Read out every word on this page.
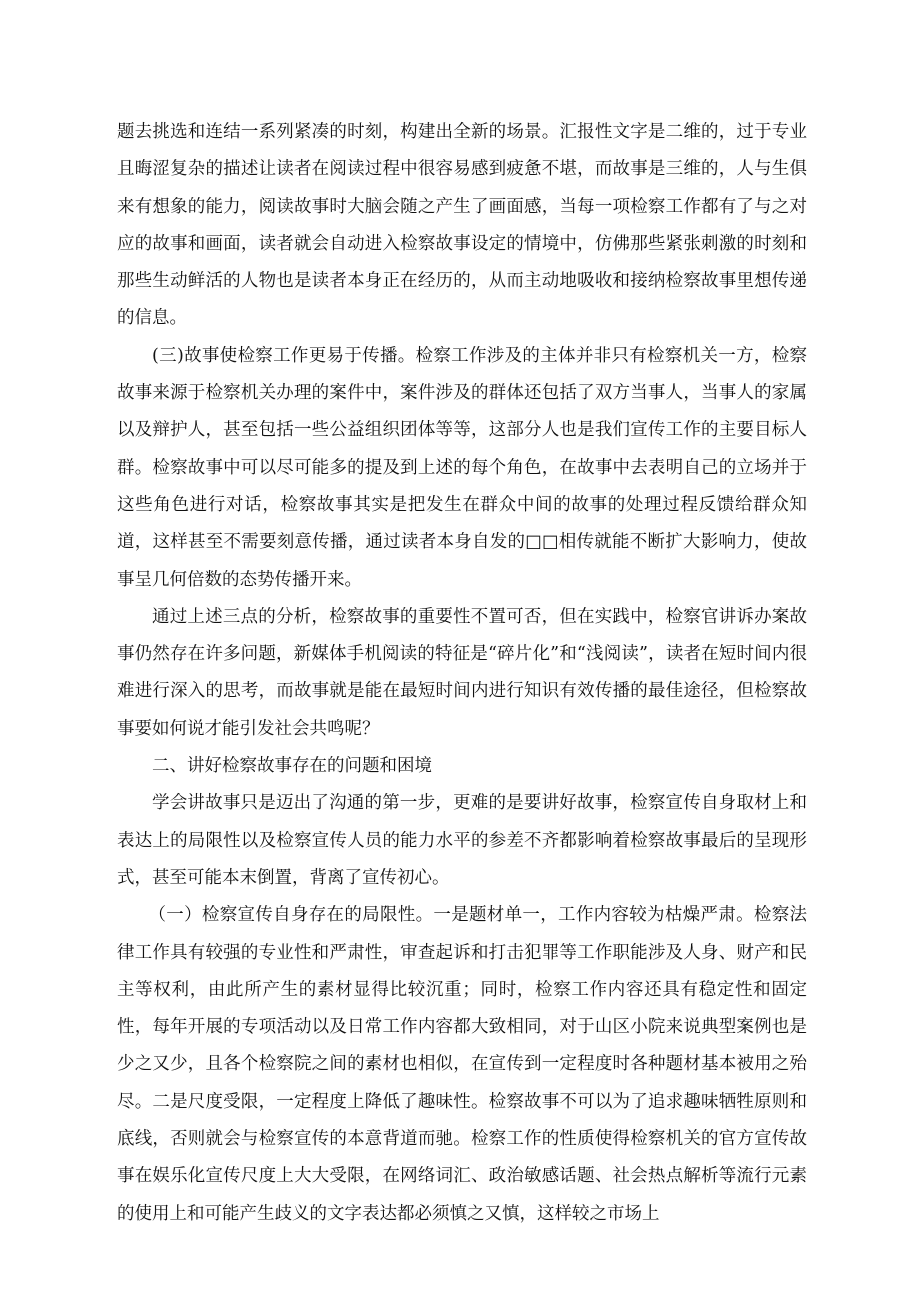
题去挑选和连结一系列紧凑的时刻，构建出全新的场景。汇报性文字是二维的，过于专业且晦涩复杂的描述让读者在阅读过程中很容易感到疲惫不堪，而故事是三维的，人与生俱来有想象的能力，阅读故事时大脑会随之产生了画面感，当每一项检察工作都有了与之对应的故事和画面，读者就会自动进入检察故事设定的情境中，仿佛那些紧张刺激的时刻和那些生动鲜活的人物也是读者本身正在经历的，从而主动地吸收和接纳检察故事里想传递的信息。

(三)故事使检察工作更易于传播。检察工作涉及的主体并非只有检察机关一方，检察故事来源于检察机关办理的案件中，案件涉及的群体还包括了双方当事人，当事人的家属以及辩护人，甚至包括一些公益组织团体等等，这部分人也是我们宣传工作的主要目标人群。检察故事中可以尽可能多的提及到上述的每个角色，在故事中去表明自己的立场并于这些角色进行对话，检察故事其实是把发生在群众中间的故事的处理过程反馈给群众知道，这样甚至不需要刻意传播，通过读者本身自发的□□相传就能不断扩大影响力，使故事呈几何倍数的态势传播开来。

通过上述三点的分析，检察故事的重要性不置可否，但在实践中，检察官讲诉办案故事仍然存在许多问题，新媒体手机阅读的特征是“碎片化”和“浅阅读”，读者在短时间内很难进行深入的思考，而故事就是能在最短时间内进行知识有效传播的最佳途径，但检察故事要如何说才能引发社会共鸣呢？

二、讲好检察故事存在的问题和困境

学会讲故事只是迈出了沟通的第一步，更难的是要讲好故事，检察宣传自身取材上和表达上的局限性以及检察宣传人员的能力水平的参差不齐都影响着检察故事最后的呈现形式，甚至可能本末倒置，背离了宣传初心。

（一）检察宣传自身存在的局限性。一是题材单一，工作内容较为枯燥严肃。检察法律工作具有较强的专业性和严肃性，审查起诉和打击犯罪等工作职能涉及人身、财产和民主等权利，由此所产生的素材显得比较沉重；同时，检察工作内容还具有稳定性和固定性，每年开展的专项活动以及日常工作内容都大致相同，对于山区小院来说典型案例也是少之又少，且各个检察院之间的素材也相似，在宣传到一定程度时各种题材基本被用之殆尽。二是尺度受限，一定程度上降低了趣味性。检察故事不可以为了追求趣味牺牲原则和底线，否则就会与检察宣传的本意背道而驰。检察工作的性质使得检察机关的官方宣传故事在娱乐化宣传尺度上大大受限，在网络词汇、政治敏感话题、社会热点解析等流行元素的使用上和可能产生歧义的文字表达都必须慎之又慎，这样较之市场上
